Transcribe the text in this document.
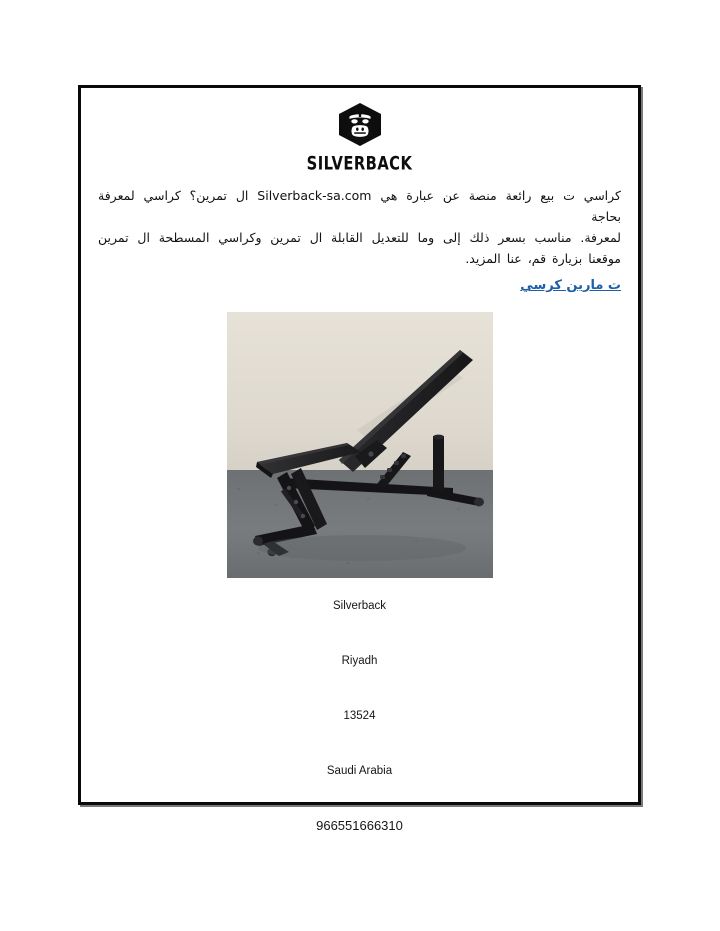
SILVERBACK
كراسي ت بيع رائعة منصة عن عبارة هي Silverback-sa.com ال تمرين؟ كراسي لمعرفة بحاجة
لمعرفة. مناسب بسعر ذلك إلى وما للتعديل القابلة ال تمرين وكراسي المسطحة ال تمرين
موقعنا بزيارة قم، عنا المزيد.
ت مارين كرسي
Silverback
Riyadh
13524
Saudi Arabia
966551666310
